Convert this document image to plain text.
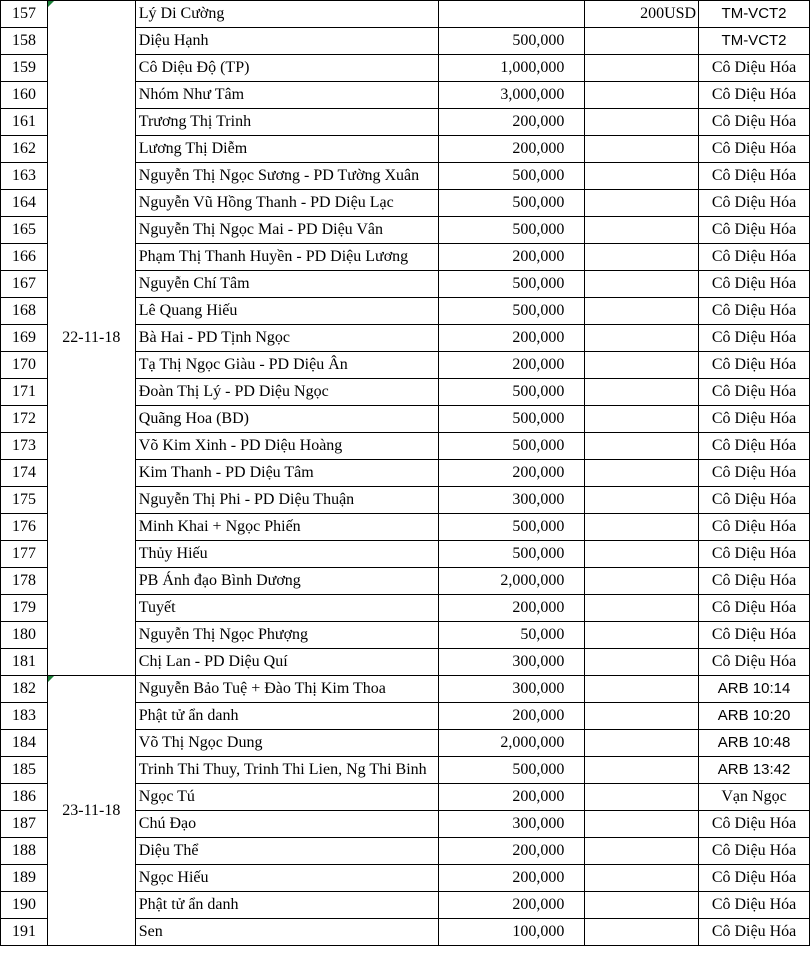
157	22-11-18	Lý Di Cường		200USD	TM-VCT2
158		Diệu Hạnh	500,000		TM-VCT2
159		Cô Diệu Độ (TP)	1,000,000		Cô Diệu Hóa
160		Nhóm Như Tâm	3,000,000		Cô Diệu Hóa
161		Trương Thị Trinh	200,000		Cô Diệu Hóa
162		Lương Thị Diễm	200,000		Cô Diệu Hóa
163		Nguyễn Thị Ngọc Sương - PD Tường Xuân	500,000		Cô Diệu Hóa
164		Nguyễn Vũ Hồng Thanh - PD Diệu Lạc	500,000		Cô Diệu Hóa
165		Nguyễn Thị Ngọc Mai - PD Diệu Vân	500,000		Cô Diệu Hóa
166		Phạm Thị Thanh Huyền - PD Diệu Lương	200,000		Cô Diệu Hóa
167		Nguyễn Chí Tâm	500,000		Cô Diệu Hóa
168		Lê Quang Hiếu	500,000		Cô Diệu Hóa
169		Bà Hai - PD Tịnh Ngọc	200,000		Cô Diệu Hóa
170		Tạ Thị Ngọc Giàu - PD Diệu Ân	200,000		Cô Diệu Hóa
171		Đoàn Thị Lý - PD Diệu Ngọc	500,000		Cô Diệu Hóa
172		Quãng Hoa (BD)	500,000		Cô Diệu Hóa
173		Võ Kim Xinh - PD Diệu Hoàng	500,000		Cô Diệu Hóa
174		Kim Thanh - PD Diệu Tâm	200,000		Cô Diệu Hóa
175		Nguyễn Thị Phi - PD Diệu Thuận	300,000		Cô Diệu Hóa
176		Minh Khai + Ngọc Phiến	500,000		Cô Diệu Hóa
177		Thủy Hiếu	500,000		Cô Diệu Hóa
178		PB Ánh đạo Bình Dương	2,000,000		Cô Diệu Hóa
179		Tuyết	200,000		Cô Diệu Hóa
180		Nguyễn Thị Ngọc Phượng	50,000		Cô Diệu Hóa
181		Chị Lan - PD Diệu Quí	300,000		Cô Diệu Hóa
182	23-11-18	Nguyễn Bảo Tuệ + Đào Thị Kim Thoa	300,000		ARB 10:14
183		Phật tử ẩn danh	200,000		ARB 10:20
184		Võ Thị Ngọc Dung	2,000,000		ARB 10:48
185		Trinh Thi Thuy, Trinh Thi Lien, Ng Thi Binh	500,000		ARB 13:42
186		Ngọc Tú	200,000		Vạn Ngọc
187		Chú Đạo	300,000		Cô Diệu Hóa
188		Diệu Thể	200,000		Cô Diệu Hóa
189		Ngọc Hiếu	200,000		Cô Diệu Hóa
190		Phật tử ẩn danh	200,000		Cô Diệu Hóa
191		Sen	100,000		Cô Diệu Hóa
